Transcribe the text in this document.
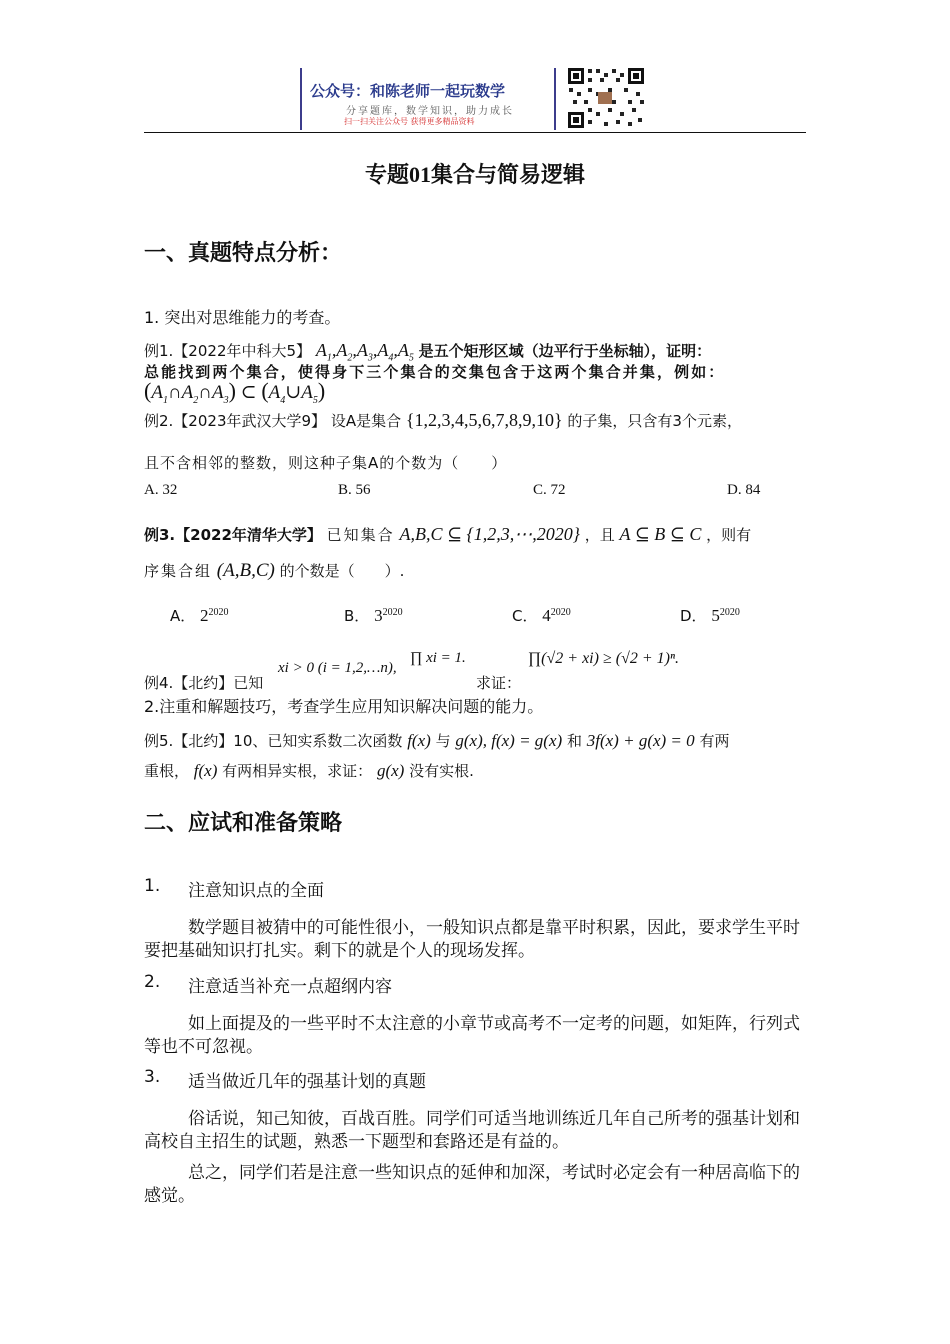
公众号：和陈老师一起玩数学
分享题库，数学知识，助力成长
扫一扫关注公众号 获得更多精品资料
专题01集合与简易逻辑
一、真题特点分析：
1. 突出对思维能力的考查。
例1.【2022年中科大5】 $A_1,A_2,A_3,A_4,A_5$ 是五个矩形区域（边平行于坐标轴），证明：
总能找到两个集合，使得身下三个集合的交集包含于这两个集合并集，例如：
$(A_1\cap A_2\cap A_3)$ ⊂ $(A_4\cup A_5)$
例2.【2023年武汉大学9】 设A是集合 {1,2,3,4,5,6,7,8,9,10} 的子集，只含有3个元素，
且不含相邻的整数，则这种子集A的个数为（　　）
A. 32	B. 56	C. 72	D. 84
例3.【2022年清华大学】 已知集合 A,B,C ⊆ {1,2,3,⋯,2020} ，且 A ⊆ B ⊆ C ，则有
序集合组 (A,B,C) 的个数是（　　）.
A． $2^{2020}$	B． $3^{2020}$	C． $4^{2020}$	D． $5^{2020}$
例4.【北约】已知
xi > 0 (i = 1,2,…n),
∏ xi = 1.
求证：
∏(√2 + xi) ≥ (√2 + 1)ⁿ.
2.注重和解题技巧，考查学生应用知识解决问题的能力。
例5.【北约】10、已知实系数二次函数 f(x) 与 g(x), f(x) = g(x) 和 3f(x) + g(x) = 0 有两
重根， f(x) 有两相异实根，求证： g(x) 没有实根.
二、应试和准备策略
1. 注意知识点的全面
数学题目被猜中的可能性很小，一般知识点都是靠平时积累，因此，要求学生平时要把基础知识打扎实。剩下的就是个人的现场发挥。
2. 注意适当补充一点超纲内容
如上面提及的一些平时不太注意的小章节或高考不一定考的问题，如矩阵，行列式等也不可忽视。
3. 适当做近几年的强基计划的真题
俗话说，知己知彼，百战百胜。同学们可适当地训练近几年自己所考的强基计划和高校自主招生的试题，熟悉一下题型和套路还是有益的。
总之，同学们若是注意一些知识点的延伸和加深，考试时必定会有一种居高临下的感觉。
